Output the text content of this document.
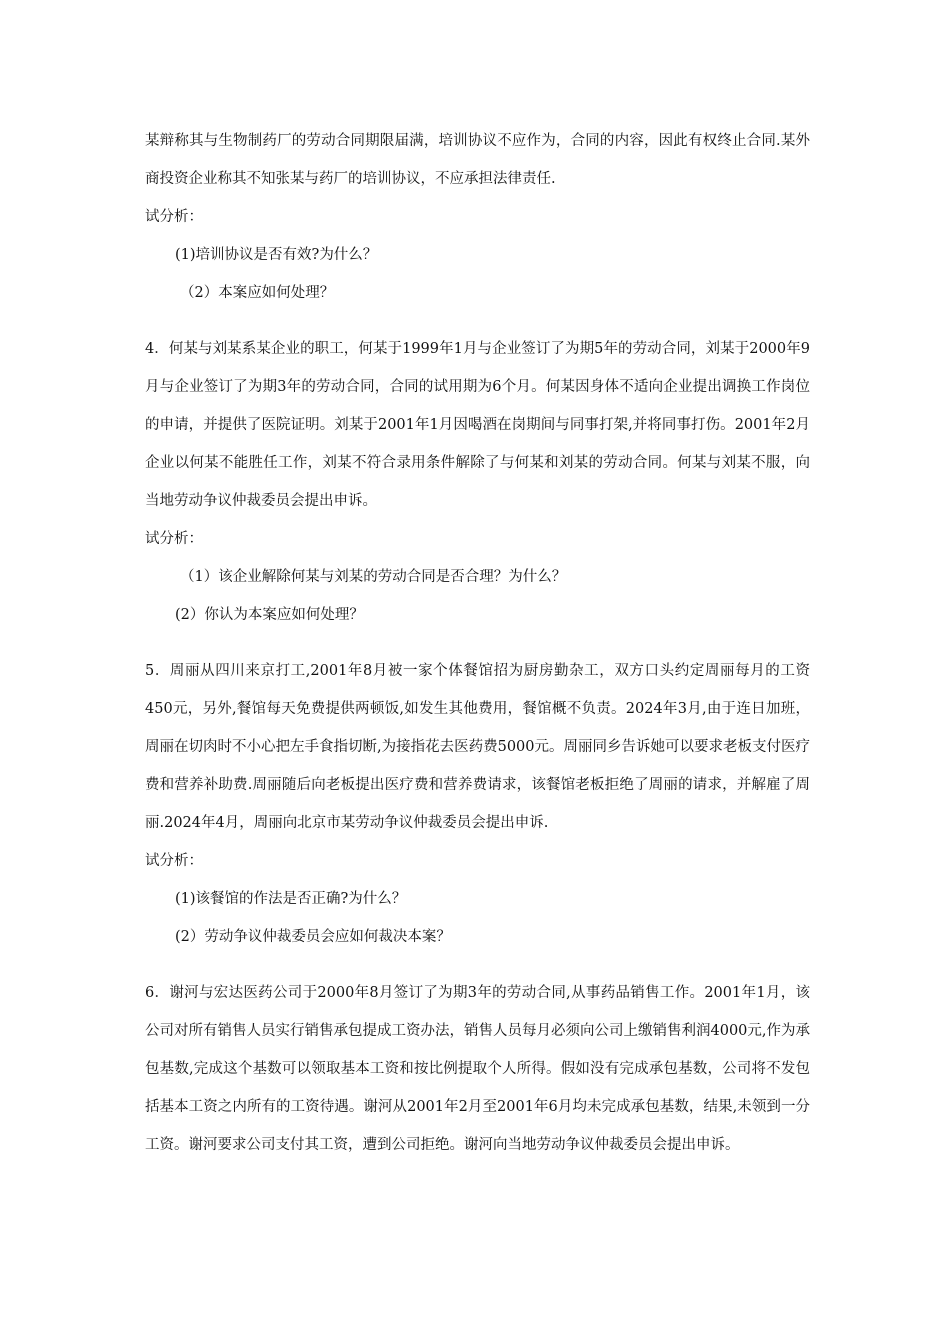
某辩称其与生物制药厂的劳动合同期限届满，培训协议不应作为，合同的内容，因此有权终止合同.某外商投资企业称其不知张某与药厂的培训协议，不应承担法律责任.

试分析：

(1)培训协议是否有效?为什么？

（2）本案应如何处理？

4．何某与刘某系某企业的职工，何某于1999年1月与企业签订了为期5年的劳动合同，刘某于2000年9月与企业签订了为期3年的劳动合同，合同的试用期为6个月。何某因身体不适向企业提出调换工作岗位的申请，并提供了医院证明。刘某于2001年1月因喝酒在岗期间与同事打架,并将同事打伤。2001年2月企业以何某不能胜任工作，刘某不符合录用条件解除了与何某和刘某的劳动合同。何某与刘某不服，向当地劳动争议仲裁委员会提出申诉。

试分析：

（1）该企业解除何某与刘某的劳动合同是否合理？为什么？

(2）你认为本案应如何处理？

5．周丽从四川来京打工,2001年8月被一家个体餐馆招为厨房勤杂工，双方口头约定周丽每月的工资450元，另外,餐馆每天免费提供两顿饭,如发生其他费用，餐馆概不负责。2024年3月,由于连日加班，周丽在切肉时不小心把左手食指切断,为接指花去医药费5000元。周丽同乡告诉她可以要求老板支付医疗费和营养补助费.周丽随后向老板提出医疗费和营养费请求，该餐馆老板拒绝了周丽的请求，并解雇了周丽.2024年4月，周丽向北京市某劳动争议仲裁委员会提出申诉.

试分析：

(1)该餐馆的作法是否正确?为什么？

(2）劳动争议仲裁委员会应如何裁决本案？

6．谢河与宏达医药公司于2000年8月签订了为期3年的劳动合同,从事药品销售工作。2001年1月，该公司对所有销售人员实行销售承包提成工资办法，销售人员每月必须向公司上缴销售利润4000元,作为承包基数,完成这个基数可以领取基本工资和按比例提取个人所得。假如没有完成承包基数，公司将不发包括基本工资之内所有的工资待遇。谢河从2001年2月至2001年6月均未完成承包基数，结果,未领到一分工资。谢河要求公司支付其工资，遭到公司拒绝。谢河向当地劳动争议仲裁委员会提出申诉。
